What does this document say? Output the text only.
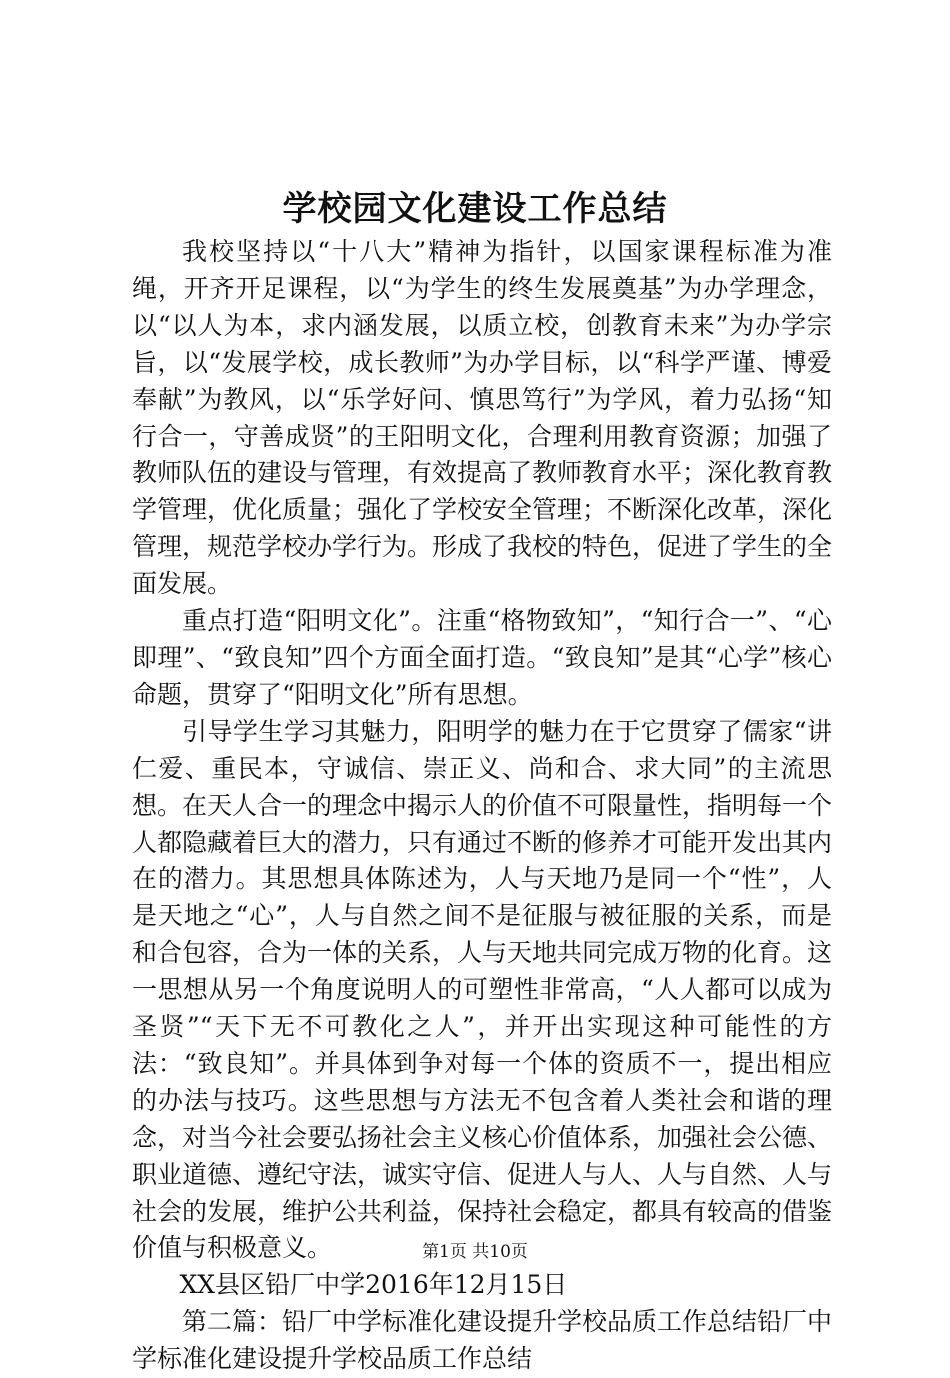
学校园文化建设工作总结

我校坚持以“十八大”精神为指针，以国家课程标准为准绳，开齐开足课程，以“为学生的终生发展奠基”为办学理念，以“以人为本，求内涵发展，以质立校，创教育未来”为办学宗旨，以“发展学校，成长教师”为办学目标，以“科学严谨、博爱奉献”为教风，以“乐学好问、慎思笃行”为学风，着力弘扬“知行合一，守善成贤”的王阳明文化，合理利用教育资源；加强了教师队伍的建设与管理，有效提高了教师教育水平；深化教育教学管理，优化质量；强化了学校安全管理；不断深化改革，深化管理，规范学校办学行为。形成了我校的特色，促进了学生的全面发展。

重点打造“阳明文化”。注重“格物致知”，“知行合一”、“心即理”、“致良知”四个方面全面打造。“致良知”是其“心学”核心命题，贯穿了“阳明文化”所有思想。

引导学生学习其魅力，阳明学的魅力在于它贯穿了儒家“讲仁爱、重民本，守诚信、崇正义、尚和合、求大同”的主流思想。在天人合一的理念中揭示人的价值不可限量性，指明每一个人都隐藏着巨大的潜力，只有通过不断的修养才可能开发出其内在的潜力。其思想具体陈述为，人与天地乃是同一个“性”，人是天地之“心”，人与自然之间不是征服与被征服的关系，而是和合包容，合为一体的关系，人与天地共同完成万物的化育。这一思想从另一个角度说明人的可塑性非常高，“人人都可以成为圣贤”“天下无不可教化之人”，并开出实现这种可能性的方法：“致良知”。并具体到争对每一个体的资质不一，提出相应的办法与技巧。这些思想与方法无不包含着人类社会和谐的理念，对当今社会要弘扬社会主义核心价值体系，加强社会公德、职业道德、遵纪守法，诚实守信、促进人与人、人与自然、人与社会的发展，维护公共利益，保持社会稳定，都具有较高的借鉴价值与积极意义。

XX县区铅厂中学2016年12月15日

第二篇：铅厂中学标准化建设提升学校品质工作总结铅厂中学标准化建设提升学校品质工作总结

第1页 共10页
